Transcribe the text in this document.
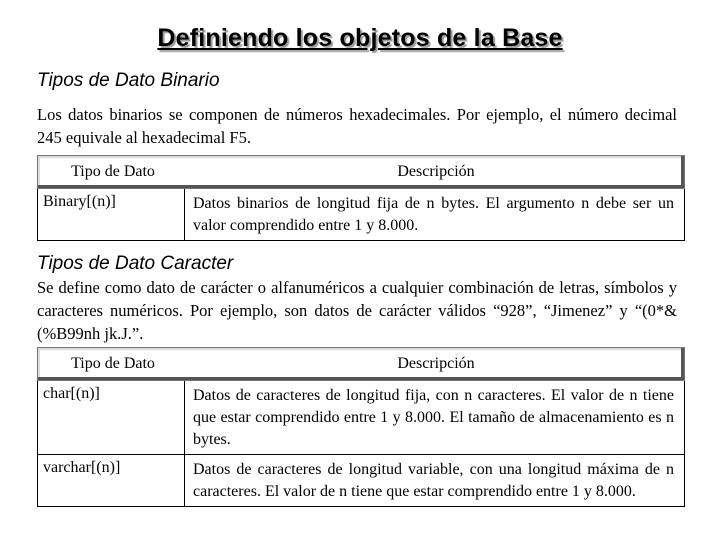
Definiendo los objetos de la Base
Tipos de Dato Binario
Los datos binarios se componen de números hexadecimales. Por ejemplo, el número decimal 245 equivale al hexadecimal F5.
Tipo de Dato	Descripción
Binary[(n)]	Datos binarios de longitud fija de n bytes. El argumento n debe ser un valor comprendido entre 1 y 8.000.
Tipos de Dato Caracter
Se define como dato de carácter o alfanuméricos a cualquier combinación de letras, símbolos y caracteres numéricos. Por ejemplo, son datos de carácter válidos “928”, “Jimenez” y “(0*&(%B99nh jk.J.”.
Tipo de Dato	Descripción
char[(n)]	Datos de caracteres de longitud fija, con n caracteres. El valor de n tiene que estar comprendido entre 1 y 8.000. El tamaño de almacenamiento es n bytes.
varchar[(n)]	Datos de caracteres de longitud variable, con una longitud máxima de n caracteres. El valor de n tiene que estar comprendido entre 1 y 8.000.
